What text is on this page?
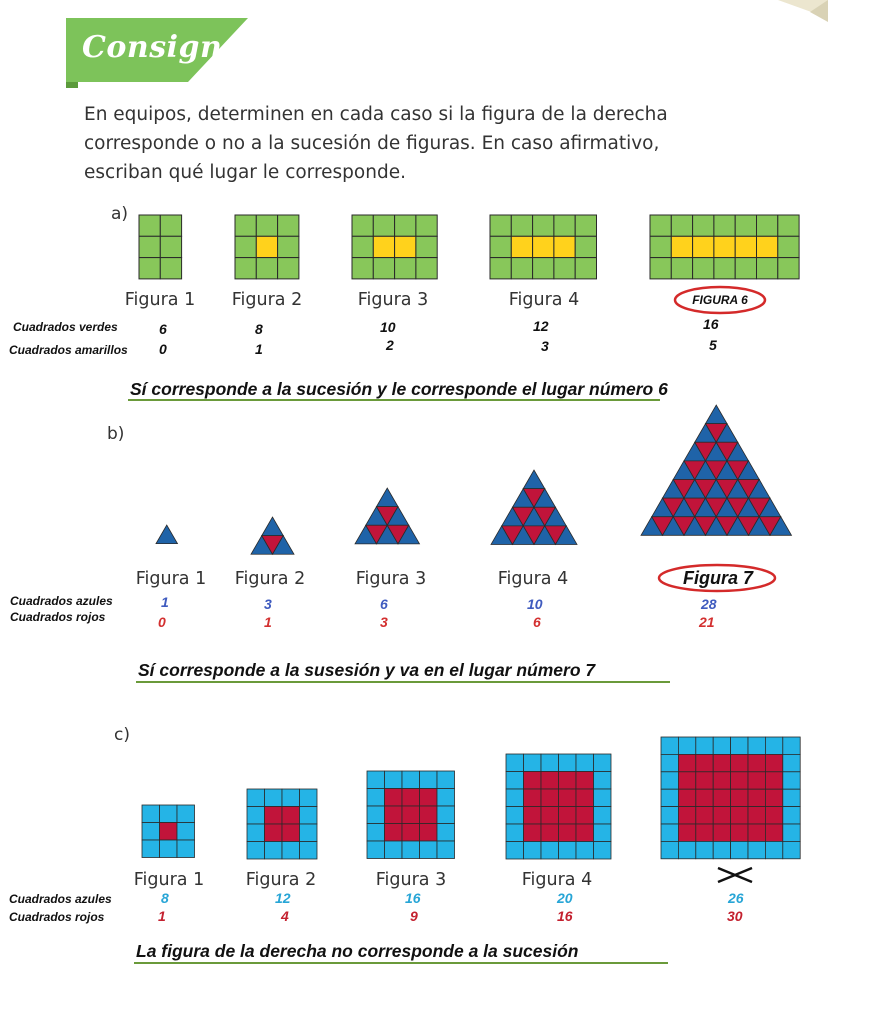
Consigna
En equipos, determinen en cada caso si la figura de la derecha corresponde o no a la sucesión de figuras. En caso afirmativo, escriban qué lugar le corresponde.
a)
Figura 1	Figura 2	Figura 3	Figura 4	FIGURA 6
Cuadrados verdes
Cuadrados amarillos
6	8	10	12	16
0	1	2	3	5
Sí corresponde a la sucesión y le corresponde el lugar número 6
b)
Figura 1	Figura 2	Figura 3	Figura 4	Figura 7
Cuadrados azules
Cuadrados rojos
1	3	6	10	28
0	1	3	6	21
Sí corresponde a la susesión y va en el lugar número 7
c)
Figura 1	Figura 2	Figura 3	Figura 4
Cuadrados azules
Cuadrados rojos
8	12	16	20	26
1	4	9	16	30
La figura de la derecha no corresponde a la sucesión
